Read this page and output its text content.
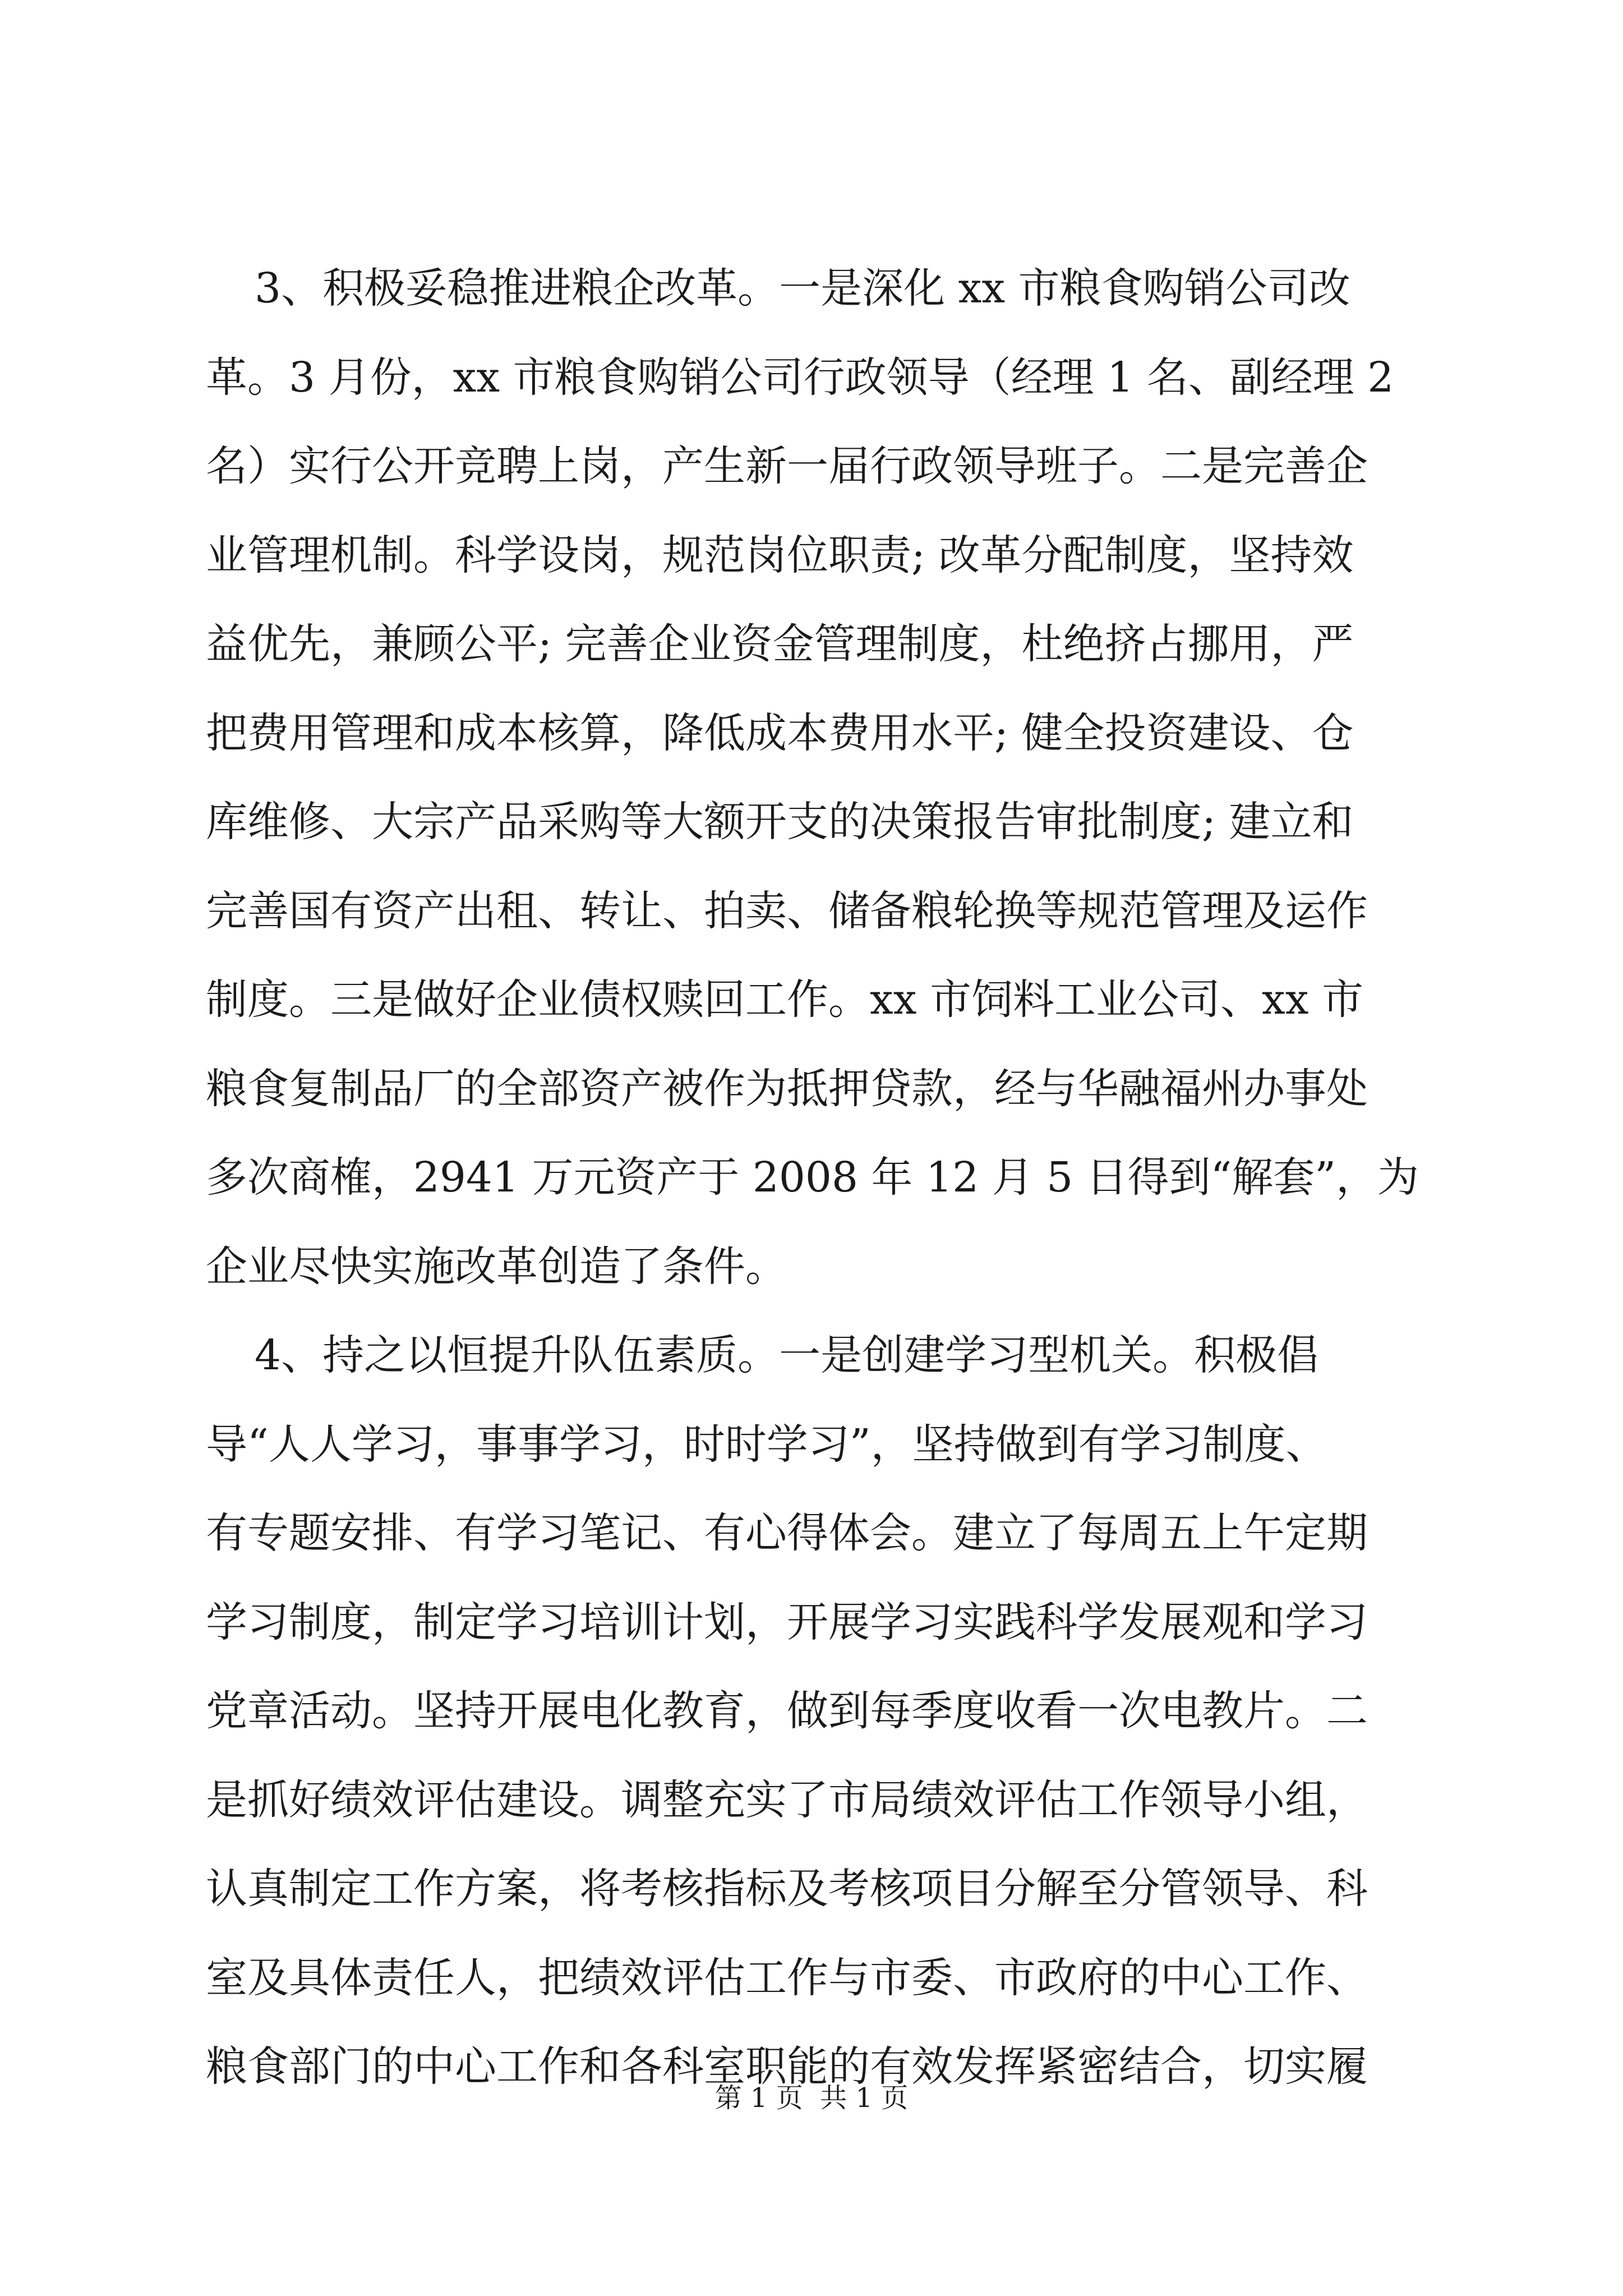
3、积极妥稳推进粮企改革。一是深化 xx 市粮食购销公司改
革。3 月份，xx 市粮食购销公司行政领导（经理 1 名、副经理 2
名）实行公开竞聘上岗，产生新一届行政领导班子。二是完善企
业管理机制。科学设岗，规范岗位职责; 改革分配制度，坚持效
益优先，兼顾公平; 完善企业资金管理制度，杜绝挤占挪用，严
把费用管理和成本核算，降低成本费用水平; 健全投资建设、仓
库维修、大宗产品采购等大额开支的决策报告审批制度; 建立和
完善国有资产出租、转让、拍卖、储备粮轮换等规范管理及运作
制度。三是做好企业债权赎回工作。xx 市饲料工业公司、xx 市
粮食复制品厂的全部资产被作为抵押贷款，经与华融福州办事处
多次商榷，2941 万元资产于 2008 年 12 月 5 日得到“解套”，为
企业尽快实施改革创造了条件。
4、持之以恒提升队伍素质。一是创建学习型机关。积极倡
导“人人学习，事事学习，时时学习”，坚持做到有学习制度、
有专题安排、有学习笔记、有心得体会。建立了每周五上午定期
学习制度，制定学习培训计划，开展学习实践科学发展观和学习
党章活动。坚持开展电化教育，做到每季度收看一次电教片。二
是抓好绩效评估建设。调整充实了市局绩效评估工作领导小组，
认真制定工作方案，将考核指标及考核项目分解至分管领导、科
室及具体责任人，把绩效评估工作与市委、市政府的中心工作、
粮食部门的中心工作和各科室职能的有效发挥紧密结合，切实履
第 1 页  共 1 页
